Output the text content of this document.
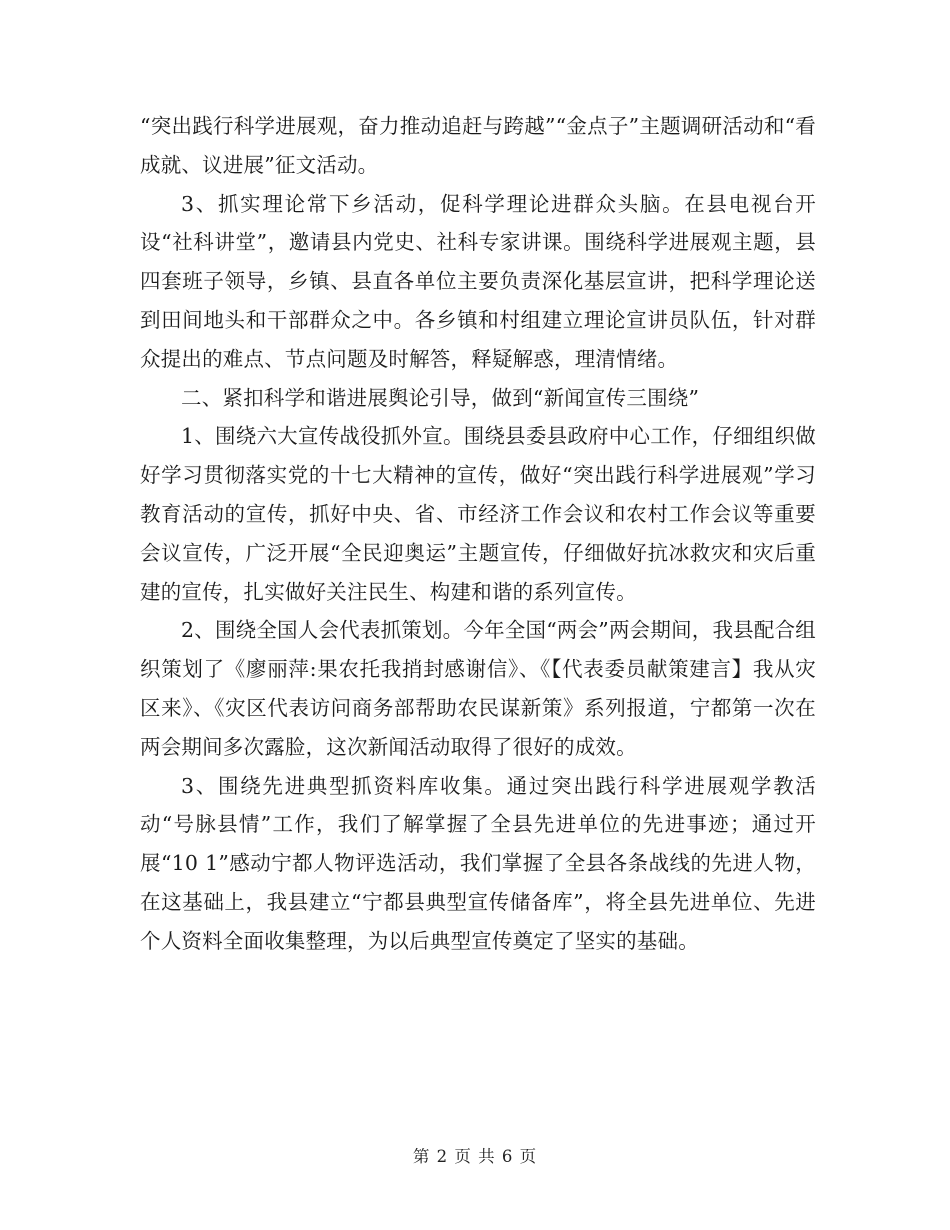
“突出践行科学进展观，奋力推动追赶与跨越”“金点子”主题调研活动和“看成就、议进展”征文活动。

3、抓实理论常下乡活动，促科学理论进群众头脑。在县电视台开设“社科讲堂”，邀请县内党史、社科专家讲课。围绕科学进展观主题，县四套班子领导，乡镇、县直各单位主要负责深化基层宣讲，把科学理论送到田间地头和干部群众之中。各乡镇和村组建立理论宣讲员队伍，针对群众提出的难点、节点问题及时解答，释疑解惑，理清情绪。

二、紧扣科学和谐进展舆论引导，做到“新闻宣传三围绕”

1、围绕六大宣传战役抓外宣。围绕县委县政府中心工作，仔细组织做好学习贯彻落实党的十七大精神的宣传，做好“突出践行科学进展观”学习教育活动的宣传，抓好中央、省、市经济工作会议和农村工作会议等重要会议宣传，广泛开展“全民迎奥运”主题宣传，仔细做好抗冰救灾和灾后重建的宣传，扎实做好关注民生、构建和谐的系列宣传。

2、围绕全国人会代表抓策划。今年全国“两会”两会期间，我县配合组织策划了《廖丽萍:果农托我捎封感谢信》、《【代表委员献策建言】我从灾区来》、《灾区代表访问商务部帮助农民谋新策》系列报道，宁都第一次在两会期间多次露脸，这次新闻活动取得了很好的成效。

3、围绕先进典型抓资料库收集。通过突出践行科学进展观学教活动“号脉县情”工作，我们了解掌握了全县先进单位的先进事迹；通过开展“10 1”感动宁都人物评选活动，我们掌握了全县各条战线的先进人物，在这基础上，我县建立“宁都县典型宣传储备库”，将全县先进单位、先进个人资料全面收集整理，为以后典型宣传奠定了坚实的基础。

第 2 页 共 6 页
